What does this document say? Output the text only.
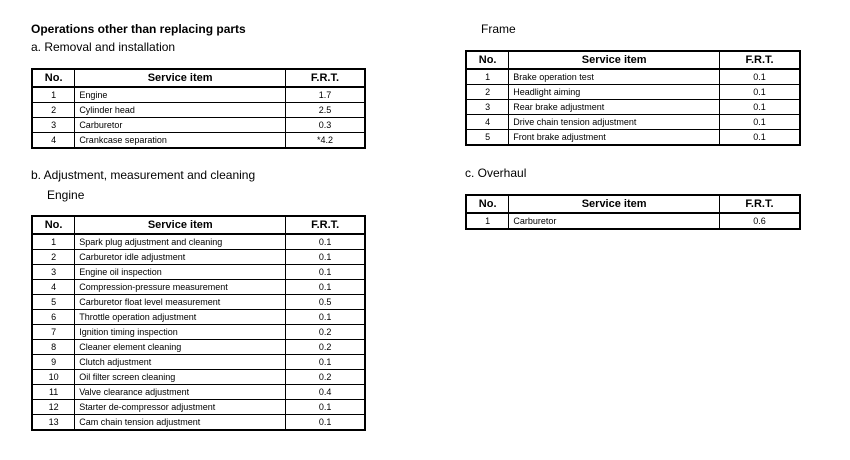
Operations other than replacing parts
a. Removal and installation
No.	Service item	F.R.T.
1	Engine	1.7
2	Cylinder head	2.5
3	Carburetor	0.3
4	Crankcase separation	*4.2
b. Adjustment, measurement and cleaning
Engine
No.	Service item	F.R.T.
1	Spark plug adjustment and cleaning	0.1
2	Carburetor idle adjustment	0.1
3	Engine oil inspection	0.1
4	Compression-pressure measurement	0.1
5	Carburetor float level measurement	0.5
6	Throttle operation adjustment	0.1
7	Ignition timing inspection	0.2
8	Cleaner element cleaning	0.2
9	Clutch adjustment	0.1
10	Oil filter screen cleaning	0.2
11	Valve clearance adjustment	0.4
12	Starter de-compressor adjustment	0.1
13	Cam chain tension adjustment	0.1
Frame
No.	Service item	F.R.T.
1	Brake operation test	0.1
2	Headlight aiming	0.1
3	Rear brake adjustment	0.1
4	Drive chain tension adjustment	0.1
5	Front brake adjustment	0.1
c. Overhaul
No.	Service item	F.R.T.
1	Carburetor	0.6
